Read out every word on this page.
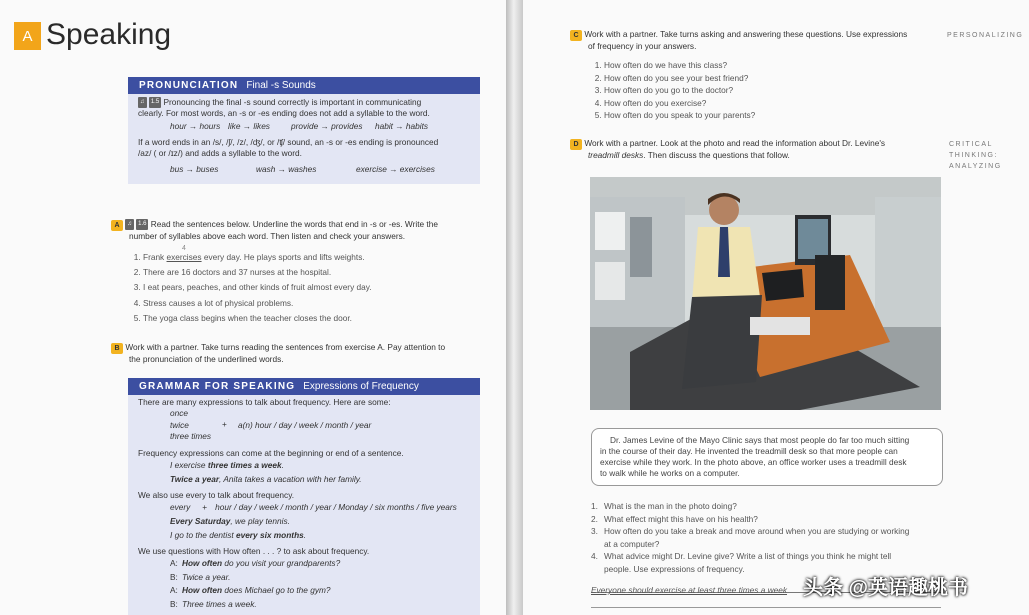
A Speaking
PRONUNCIATION Final -s Sounds
♫ 1.5 Pronouncing the final -s sound correctly is important in communicating
clearly. For most words, an -s or -es ending does not add a syllable to the word.
hour → hours like → likes	provide → provides habit → habits
If a word ends in an /s/, /ʃ/, /z/, /ʤ/, or /ʧ/ sound, an -s or -es ending is pronounced
/az/ ( or /ɪz/) and adds a syllable to the word.
bus → buses	wash → washes	exercise → exercises
A ♫ 1.6 Read the sentences below. Underline the words that end in -s or -es. Write the
number of syllables above each word. Then listen and check your answers.
4
1. Frank exercises every day. He plays sports and lifts weights.
2. There are 16 doctors and 37 nurses at the hospital.
3. I eat pears, peaches, and other kinds of fruit almost every day.
4. Stress causes a lot of physical problems.
5. The yoga class begins when the teacher closes the door.
B Work with a partner. Take turns reading the sentences from exercise A. Pay attention to
the pronunciation of the underlined words.
GRAMMAR FOR SPEAKING Expressions of Frequency
There are many expressions to talk about frequency. Here are some:
once
twice
three times
+ a(n) hour / day / week / month / year
Frequency expressions can come at the beginning or end of a sentence.
I exercise three times a week.
Twice a year, Anita takes a vacation with her family.
We also use every to talk about frequency.
every + hour / day / week / month / year / Monday / six months / five years
Every Saturday, we play tennis.
I go to the dentist every six months.
We use questions with How often . . . ? to ask about frequency.
A: How often do you visit your grandparents?
B: Twice a year.
A: How often does Michael go to the gym?
B: Three times a week.
C Work with a partner. Take turns asking and answering these questions. Use expressions
of frequency in your answers.
PERSONALIZING
1. How often do we have this class?
2. How often do you see your best friend?
3. How often do you go to the doctor?
4. How often do you exercise?
5. How often do you speak to your parents?
D Work with a partner. Look at the photo and read the information about Dr. Levine's
treadmill desks. Then discuss the questions that follow.
CRITICAL THINKING:
ANALYZING
Dr. James Levine of the Mayo Clinic says that most people do far too much sitting
in the course of their day. He invented the treadmill desk so that more people can
exercise while they work. In the photo above, an office worker uses a treadmill desk
to walk while he works on a computer.
1. What is the man in the photo doing?
2. What effect might this have on his health?
3. How often do you take a break and move around when you are studying or working
at a computer?
4. What advice might Dr. Levine give? Write a list of things you think he might tell
people. Use expressions of frequency.
Everyone should exercise at least three times a week 头条 @英语趣桃书
